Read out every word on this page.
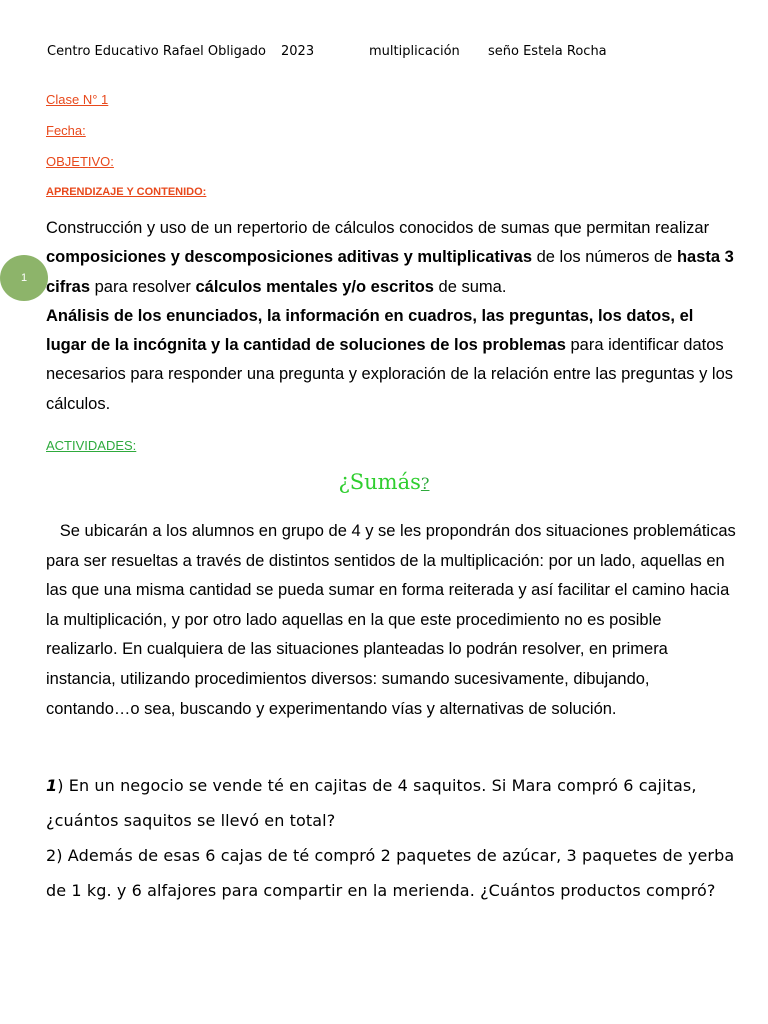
Centro Educativo Rafael Obligado 2023	multiplicación seño Estela Rocha
Clase N° 1
Fecha:
OBJETIVO:
APRENDIZAJE Y CONTENIDO:
Construcción y uso de un repertorio de cálculos conocidos de sumas que permitan realizar composiciones y descomposiciones aditivas y multiplicativas de los números de hasta 3 cifras para resolver cálculos mentales y/o escritos de suma. Análisis de los enunciados, la información en cuadros, las preguntas, los datos, el lugar de la incógnita y la cantidad de soluciones de los problemas para identificar datos necesarios para responder una pregunta y exploración de la relación entre las preguntas y los cálculos.
ACTIVIDADES:
¿Sumás?
Se ubicarán a los alumnos en grupo de 4 y se les propondrán dos situaciones problemáticas para ser resueltas a través de distintos sentidos de la multiplicación: por un lado, aquellas en las que una misma cantidad se pueda sumar en forma reiterada y así facilitar el camino hacia la multiplicación, y por otro lado aquellas en la que este procedimiento no es posible realizarlo. En cualquiera de las situaciones planteadas lo podrán resolver, en primera instancia, utilizando procedimientos diversos: sumando sucesivamente, dibujando, contando…o sea, buscando y experimentando vías y alternativas de solución.
1) En un negocio se vende té en cajitas de 4 saquitos. Si Mara compró 6 cajitas, ¿cuántos saquitos se llevó en total?
2) Además de esas 6 cajas de té compró 2 paquetes de azúcar, 3 paquetes de yerba de 1 kg. y 6 alfajores para compartir en la merienda. ¿Cuántos productos compró?
1
